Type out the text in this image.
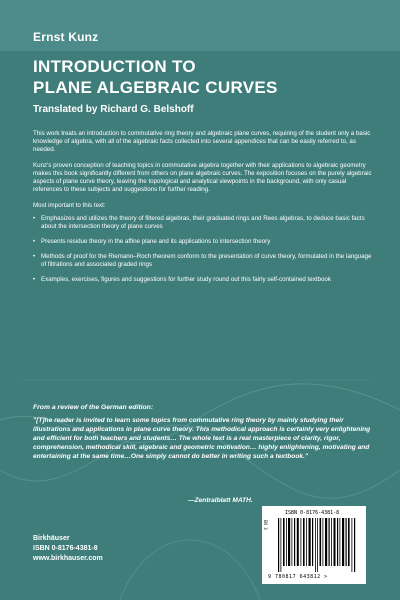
Ernst Kunz
INTRODUCTION TO
PLANE ALGEBRAIC CURVES
Translated by Richard G. Belshoff

This work treats an introduction to commutative ring theory and algebraic plane curves, requiring of the student only a basic knowledge of algebra, with all of the algebraic facts collected into several appendices that can be easily referred to, as needed.

Kunz's proven conception of teaching topics in commutative algebra together with their applications to algebraic geometry makes this book significantly different from others on plane algebraic curves. The exposition focuses on the purely algebraic aspects of plane curve theory, leaving the topological and analytical viewpoints in the background, with only casual references to these subjects and suggestions for further reading.

Most important to this text:

• Emphasizes and utilizes the theory of filtered algebras, their graduated rings and Rees algebras, to deduce basic facts about the intersection theory of plane curves
• Presents residue theory in the affine plane and its applications to intersection theory
• Methods of proof for the Riemann–Roch theorem conform to the presentation of curve theory, formulated in the language of filtrations and associated graded rings
• Examples, exercises, figures and suggestions for further study round out this fairly self-contained textbook
From a review of the German edition:
"[T]he reader is invited to learn some topics from commutative ring theory by mainly studying their illustrations and applications in plane curve theory. This methodical approach is certainly very enlightening and efficient for both teachers and students… The whole text is a real masterpiece of clarity, rigor, comprehension, methodical skill, algebraic and geometric motivation… highly enlightening, motivating and entertaining at the same time…One simply cannot do better in writing such a textbook."
—Zentralblatt MATH.
Birkhäuser
ISBN 0-8176-4381-8
www.birkhauser.com
ISBN 0-8176-4381-8
EN 3
9 780817 643812 >
